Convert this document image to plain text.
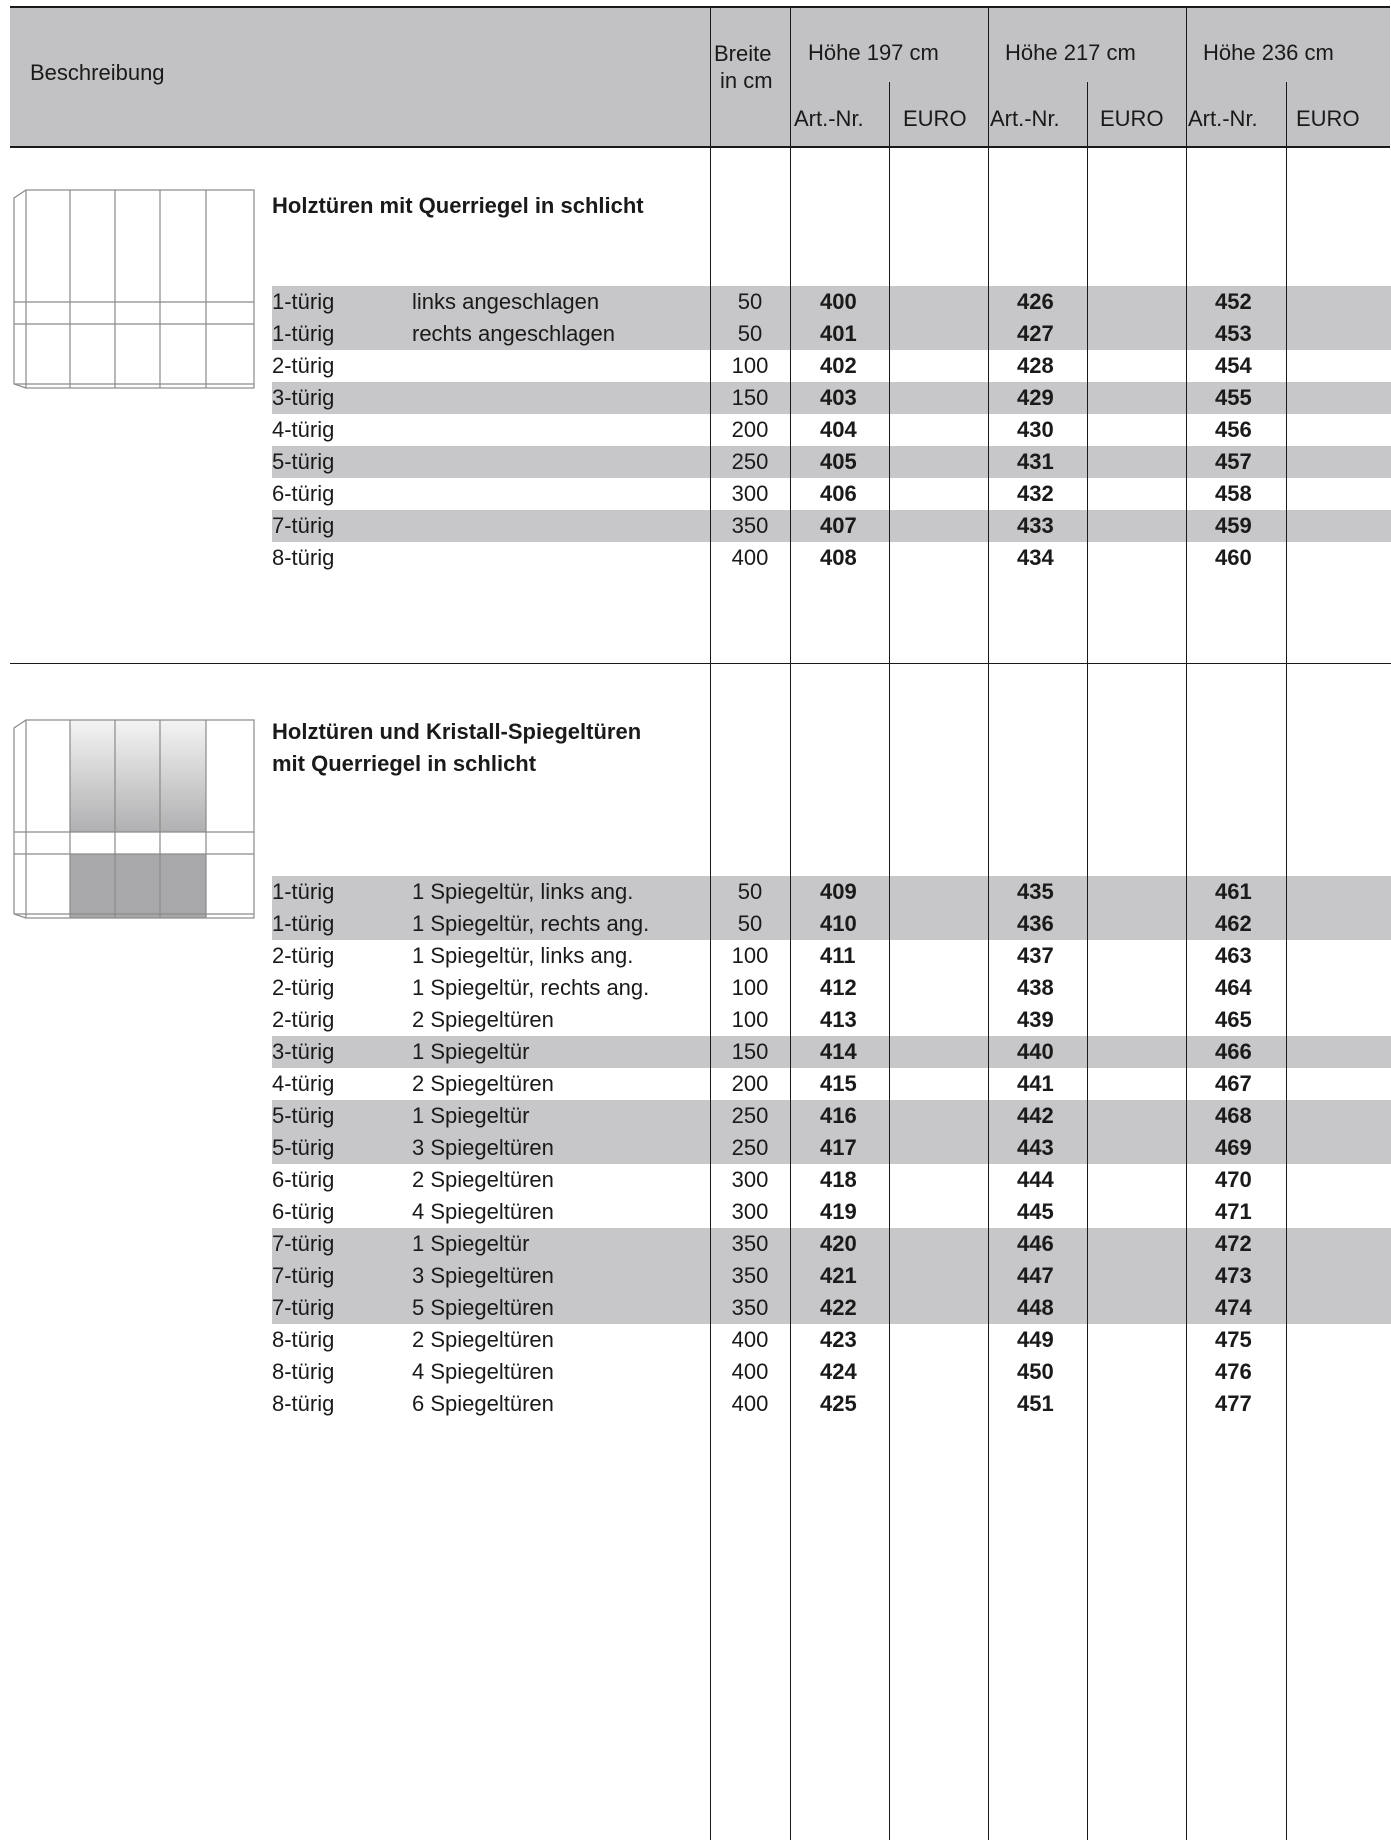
Beschreibung
Breite
in cm
Höhe 197 cm	Höhe 217 cm	Höhe 236 cm
Art.-Nr. EURO Art.-Nr. EURO Art.-Nr. EURO
Holztüren mit Querriegel in schlicht
Holztüren und Kristall-Spiegeltüren
mit Querriegel in schlicht
1-türig	links angeschlagen	50	400	426	452
1-türig	rechts angeschlagen	50	401	427	453
2-türig	100	402	428	454
3-türig	150	403	429	455
4-türig	200	404	430	456
5-türig	250	405	431	457
6-türig	300	406	432	458
7-türig	350	407	433	459
8-türig	400	408	434	460
1-türig	1 Spiegeltür, links ang.	50	409	435	461
1-türig	1 Spiegeltür, rechts ang.	50	410	436	462
2-türig	1 Spiegeltür, links ang.	100	411	437	463
2-türig	1 Spiegeltür, rechts ang.	100	412	438	464
2-türig	2 Spiegeltüren	100	413	439	465
3-türig	1 Spiegeltür	150	414	440	466
4-türig	2 Spiegeltüren	200	415	441	467
5-türig	1 Spiegeltür	250	416	442	468
5-türig	3 Spiegeltüren	250	417	443	469
6-türig	2 Spiegeltüren	300	418	444	470
6-türig	4 Spiegeltüren	300	419	445	471
7-türig	1 Spiegeltür	350	420	446	472
7-türig	3 Spiegeltüren	350	421	447	473
7-türig	5 Spiegeltüren	350	422	448	474
8-türig	2 Spiegeltüren	400	423	449	475
8-türig	4 Spiegeltüren	400	424	450	476
8-türig	6 Spiegeltüren	400	425	451	477
